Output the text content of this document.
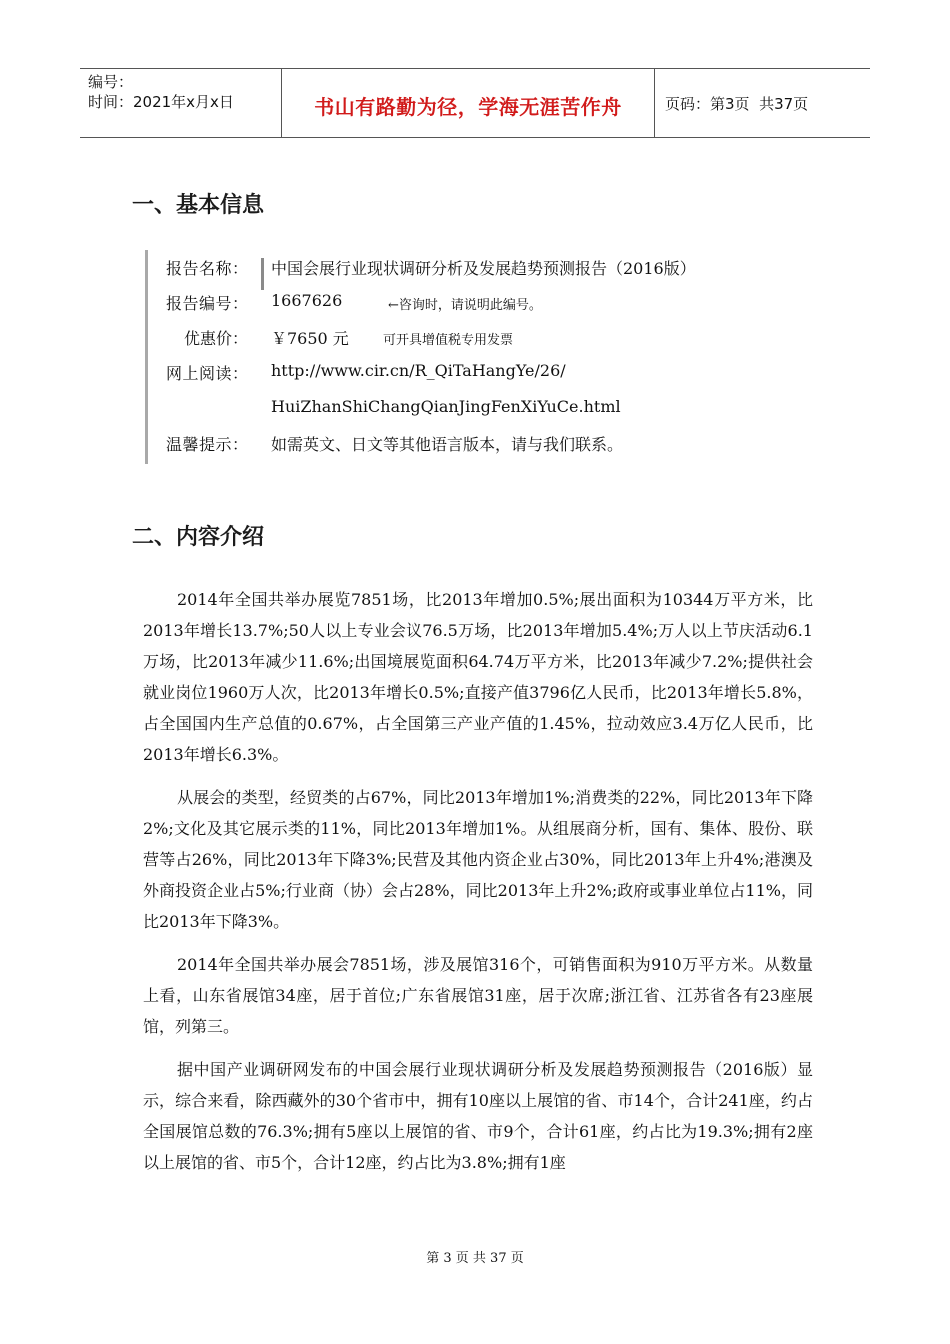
编号：
时间：2021年x月x日	书山有路勤为径，学海无涯苦作舟	页码：第3页  共37页
一、基本信息
报告名称： 中国会展行业现状调研分析及发展趋势预测报告（2016版）
报告编号： 1667626	←咨询时，请说明此编号。
优惠价： ￥7650 元	可开具增值税专用发票
网上阅读： http://www.cir.cn/R_QiTaHangYe/26/
HuiZhanShiChangQianJingFenXiYuCe.html
温馨提示： 如需英文、日文等其他语言版本，请与我们联系。
二、内容介绍

2014年全国共举办展览7851场，比2013年增加0.5%;展出面积为10344万平方米，比2013年增长13.7%;50人以上专业会议76.5万场，比2013年增加5.4%;万人以上节庆活动6.1万场，比2013年减少11.6%;出国境展览面积64.74万平方米，比2013年减少7.2%;提供社会就业岗位1960万人次，比2013年增长0.5%;直接产值3796亿人民币，比2013年增长5.8%，占全国国内生产总值的0.67%，占全国第三产业产值的1.45%，拉动效应3.4万亿人民币，比2013年增长6.3%。

从展会的类型，经贸类的占67%，同比2013年增加1%;消费类的22%，同比2013年下降2%;文化及其它展示类的11%，同比2013年增加1%。从组展商分析，国有、集体、股份、联营等占26%，同比2013年下降3%;民营及其他内资企业占30%，同比2013年上升4%;港澳及外商投资企业占5%;行业商（协）会占28%，同比2013年上升2%;政府或事业单位占11%，同比2013年下降3%。

2014年全国共举办展会7851场，涉及展馆316个，可销售面积为910万平方米。从数量上看，山东省展馆34座，居于首位;广东省展馆31座，居于次席;浙江省、江苏省各有23座展馆，列第三。

据中国产业调研网发布的中国会展行业现状调研分析及发展趋势预测报告（2016版）显示，综合来看，除西藏外的30个省市中，拥有10座以上展馆的省、市14个，合计241座，约占全国展馆总数的76.3%;拥有5座以上展馆的省、市9个，合计61座，约占比为19.3%;拥有2座以上展馆的省、市5个，合计12座，约占比为3.8%;拥有1座

第 3 页 共 37 页
